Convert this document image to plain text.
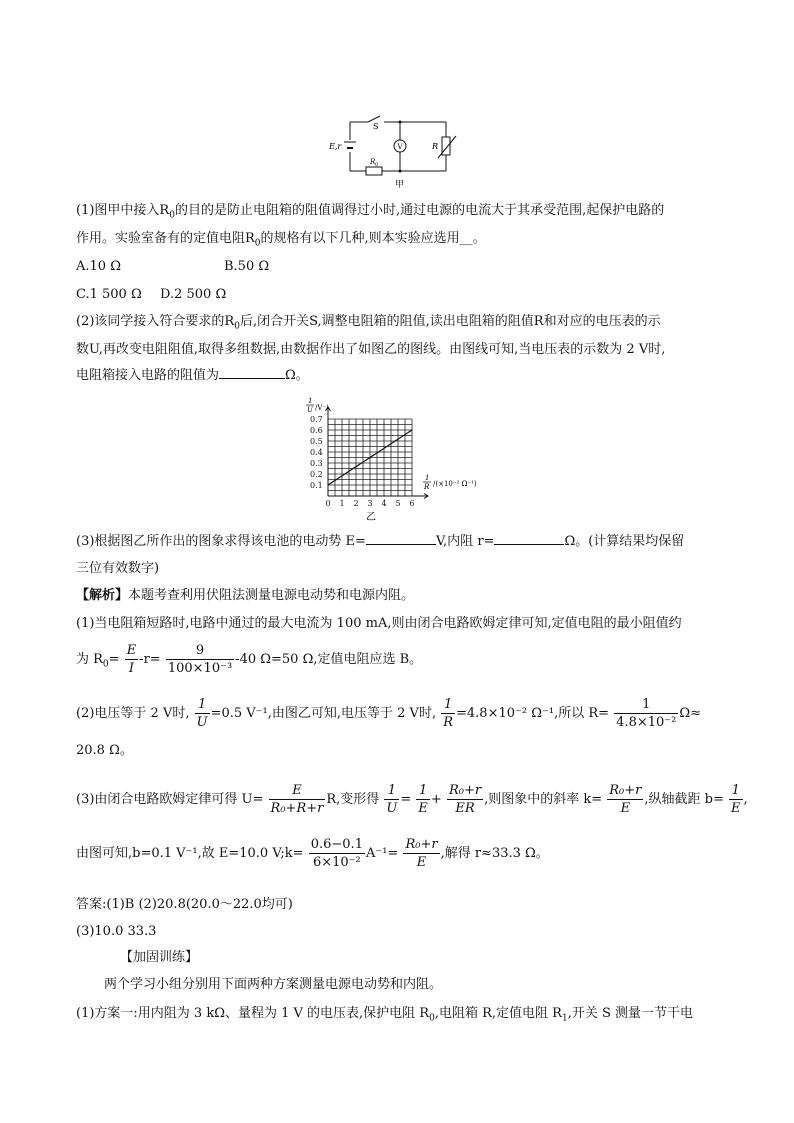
S
E,r
R 0
V	R
甲
(1)图甲中接入$R_0$的目的是防止电阻箱的阻值调得过小时,通过电源的电流大于其承受范围,起保护电路的
作用。实验室备有的定值电阻$R_0$的规格有以下几种,则本实验应选用__。
A.10 Ω	B.50 Ω
C.1 500 Ω D.2 500 Ω
(2)该同学接入符合要求的$R_0$后,闭合开关S,调整电阻箱的阻值,读出电阻箱的阻值R和对应的电压表的示
数U,再改变电阻阻值,取得多组数据,由数据作出了如图乙的图线。由图线可知,当电压表的示数为 2 V时,
电阻箱接入电路的阻值为	Ω。
0 1 2 3 4 5 6
0.1
0.2
0.3
0.4
0.5
0.6
0.7
1
U /V⁻¹
1
R /(×10⁻² Ω⁻¹)
乙
(3)根据图乙所作出的图象求得该电池的电动势 E=	V,内阻 r=	Ω。(计算结果均保留
三位有效数字)
【解析】本题考查利用伏阻法测量电源电动势和电源内阻。
(1)当电阻箱短路时,电路中通过的最大电流为 100 mA,则由闭合电路欧姆定律可知,定值电阻的最小阻值约
为 $R_0= \frac{E}{I} -r= \frac{9}{\text{100×10⁻³}} -40$ Ω=50 Ω,定值电阻应选 B。
(2)电压等于 2 V时, $\frac{1}{U} =0.5$ V⁻¹,由图乙可知,电压等于 2 V时, $\frac{1}{R} =4.8\times 10^{-2}$ Ω⁻¹,所以 $R= \frac{1}{\text{4.8×10⁻²}} \Omega\approx$
20.8 Ω。
(3)由闭合电路欧姆定律可得 $U= \frac{E}{\text{R₀+R+r}} R$,变形得 $\frac{1}{U} = \frac{1}{E} + \frac{\text{R₀+r}}{ER}$ ,则图象中的斜率 $k= \frac{\text{R₀+r}}{E}$ ,纵轴截距 $b= \frac{1}{E}$ ,
由图可知,b=0.1 V⁻¹,故 E=10.0 V;k= $\frac{0.6-0.1}{\text{6×10⁻²}} A^{-1}= \frac{\text{R₀+r}}{E}$ ,解得 r≈33.3 Ω。
答案:(1)B (2)20.8(20.0～22.0均可)
(3)10.0 33.3
【加固训练】
两个学习小组分别用下面两种方案测量电源电动势和内阻。
(1)方案一:用内阻为 3 kΩ、量程为 1 V 的电压表,保护电阻 $R_0$,电阻箱 R,定值电阻 $R_1$,开关 S 测量一节干电
